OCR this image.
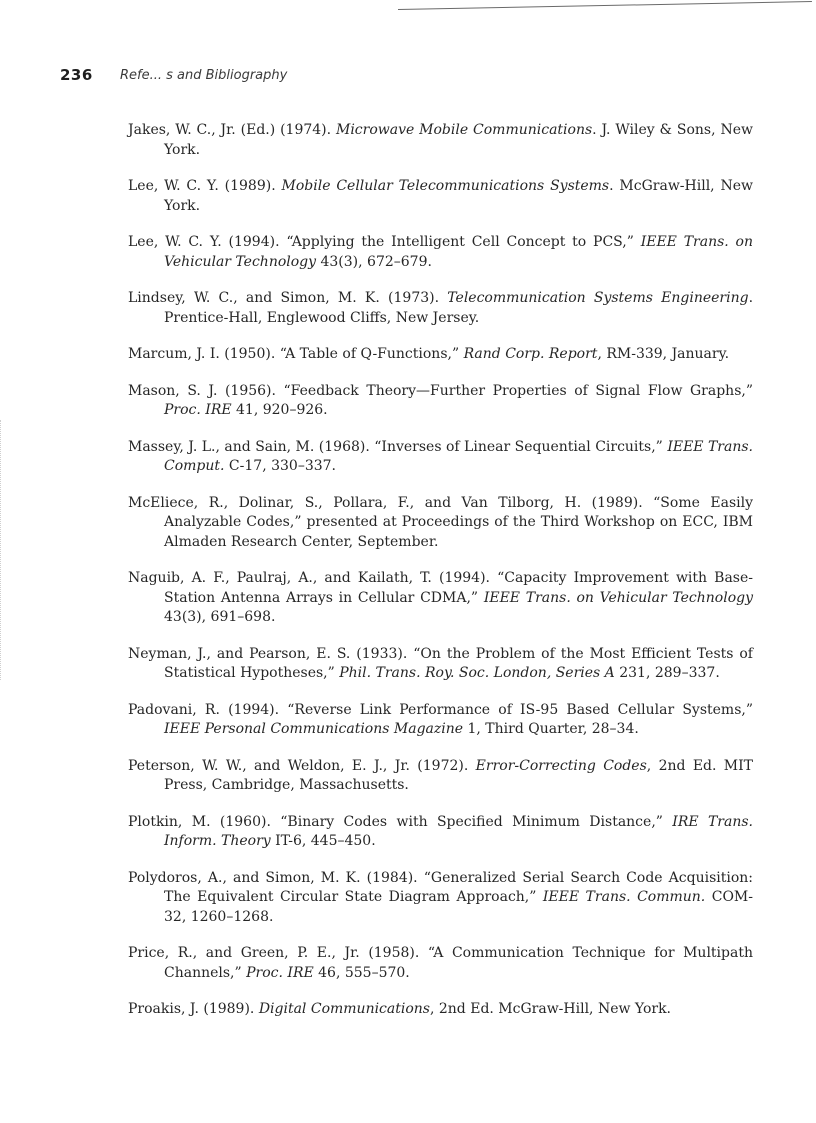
236 Refe... s and Bibliography
Jakes, W. C., Jr. (Ed.) (1974). Microwave Mobile Communications. J. Wiley & Sons, New York.
Lee, W. C. Y. (1989). Mobile Cellular Telecommunications Systems. McGraw-Hill, New York.
Lee, W. C. Y. (1994). “Applying the Intelligent Cell Concept to PCS,” IEEE Trans. on Vehicular Technology 43(3), 672–679.
Lindsey, W. C., and Simon, M. K. (1973). Telecommunication Systems Engineering. Prentice-Hall, Englewood Cliffs, New Jersey.
Marcum, J. I. (1950). “A Table of Q-Functions,” Rand Corp. Report, RM-339, January.
Mason, S. J. (1956). “Feedback Theory—Further Properties of Signal Flow Graphs,” Proc. IRE 41, 920–926.
Massey, J. L., and Sain, M. (1968). “Inverses of Linear Sequential Circuits,” IEEE Trans. Comput. C-17, 330–337.
McEliece, R., Dolinar, S., Pollara, F., and Van Tilborg, H. (1989). “Some Easily Analyzable Codes,” presented at Proceedings of the Third Workshop on ECC, IBM Almaden Research Center, September.
Naguib, A. F., Paulraj, A., and Kailath, T. (1994). “Capacity Improvement with Base-Station Antenna Arrays in Cellular CDMA,” IEEE Trans. on Vehicular Technology 43(3), 691–698.
Neyman, J., and Pearson, E. S. (1933). “On the Problem of the Most Efficient Tests of Statistical Hypotheses,” Phil. Trans. Roy. Soc. London, Series A 231, 289–337.
Padovani, R. (1994). “Reverse Link Performance of IS-95 Based Cellular Systems,” IEEE Personal Communications Magazine 1, Third Quarter, 28–34.
Peterson, W. W., and Weldon, E. J., Jr. (1972). Error-Correcting Codes, 2nd Ed. MIT Press, Cambridge, Massachusetts.
Plotkin, M. (1960). “Binary Codes with Specified Minimum Distance,” IRE Trans. Inform. Theory IT-6, 445–450.
Polydoros, A., and Simon, M. K. (1984). “Generalized Serial Search Code Acquisition: The Equivalent Circular State Diagram Approach,” IEEE Trans. Commun. COM-32, 1260–1268.
Price, R., and Green, P. E., Jr. (1958). “A Communication Technique for Multipath Channels,” Proc. IRE 46, 555–570.
Proakis, J. (1989). Digital Communications, 2nd Ed. McGraw-Hill, New York.
